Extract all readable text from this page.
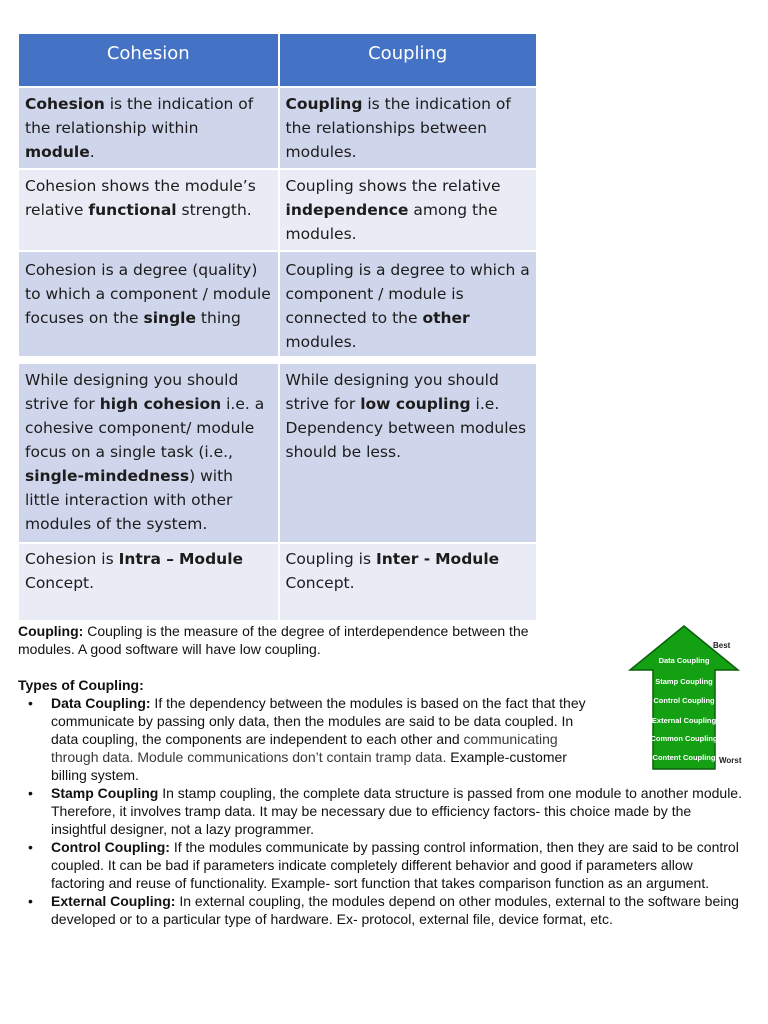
Cohesion	Coupling
Cohesion is the indication of the relationship within module.
Coupling is the indication of the relationships between modules.
Cohesion shows the module’s relative functional strength.
Coupling shows the relative independence among the modules.
Cohesion is a degree (quality) to which a component / module focuses on the single thing
Coupling is a degree to which a component / module is connected to the other modules.
While designing you should strive for high cohesion i.e. a cohesive component/ module focus on a single task (i.e., single-mindedness) with little interaction with other modules of the system.
While designing you should strive for low coupling i.e. Dependency between modules should be less.
Cohesion is Intra – Module Concept.
Coupling is Inter - Module Concept.
Data Coupling
Stamp Coupling
Control Coupling
External Coupling
Common Coupling
Content Coupling
Best
Worst
Coupling: Coupling is the measure of the degree of interdependence between the modules. A good software will have low coupling.
Types of Coupling:
• Data Coupling: If the dependency between the modules is based on the fact that they communicate by passing only data, then the modules are said to be data coupled. In data coupling, the components are independent to each other and communicating through data. Module communications don’t contain tramp data. Example-customer billing system.
• Stamp Coupling In stamp coupling, the complete data structure is passed from one module to another module. Therefore, it involves tramp data. It may be necessary due to efficiency factors- this choice made by the insightful designer, not a lazy programmer.
• Control Coupling: If the modules communicate by passing control information, then they are said to be control coupled. It can be bad if parameters indicate completely different behavior and good if parameters allow factoring and reuse of functionality. Example- sort function that takes comparison function as an argument.
• External Coupling: In external coupling, the modules depend on other modules, external to the software being developed or to a particular type of hardware. Ex- protocol, external file, device format, etc.
